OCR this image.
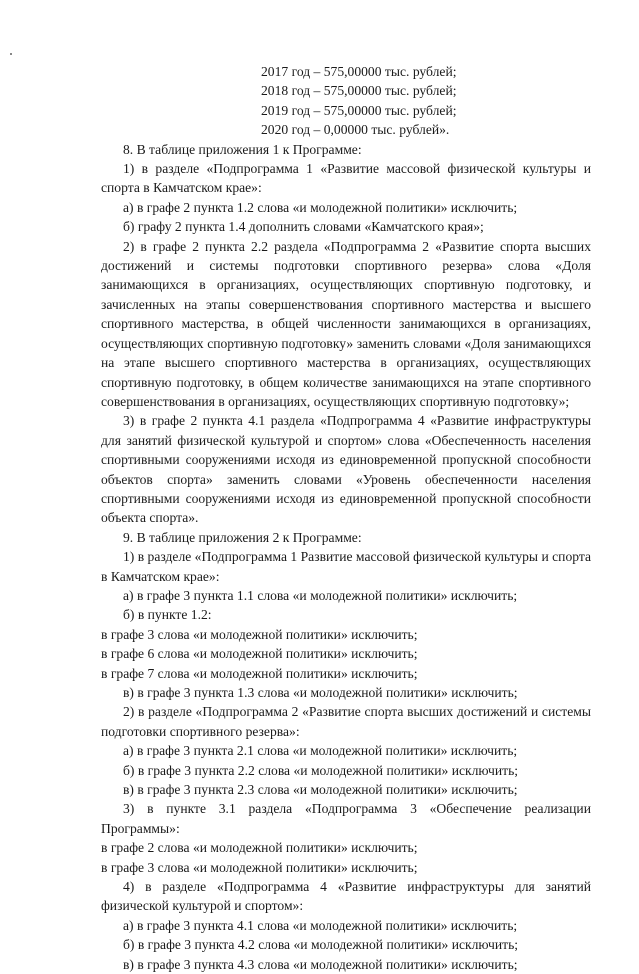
2017 год – 575,00000 тыс. рублей;

2018 год – 575,00000 тыс. рублей;

2019 год – 575,00000 тыс. рублей;

2020 год – 0,00000 тыс. рублей».

8. В таблице приложения 1 к Программе:

1) в разделе «Подпрограмма 1 «Развитие массовой физической культуры и спорта в Камчатском крае»:

а) в графе 2 пункта 1.2 слова «и молодежной политики» исключить;

б) графу 2 пункта 1.4 дополнить словами «Камчатского края»;

2) в графе 2 пункта 2.2 раздела «Подпрограмма 2 «Развитие спорта высших достижений и системы подготовки спортивного резерва» слова «Доля занимающихся в организациях, осуществляющих спортивную подготовку, и зачисленных на этапы совершенствования спортивного мастерства и высшего спортивного мастерства, в общей численности занимающихся в организациях, осуществляющих спортивную подготовку» заменить словами «Доля занимающихся на этапе высшего спортивного мастерства в организациях, осуществляющих спортивную подготовку, в общем количестве занимающихся на этапе спортивного совершенствования в организациях, осуществляющих спортивную подготовку»;

3) в графе 2 пункта 4.1 раздела «Подпрограмма 4 «Развитие инфраструктуры для занятий физической культурой и спортом» слова «Обеспеченность населения спортивными сооружениями исходя из единовременной пропускной способности объектов спорта» заменить словами «Уровень обеспеченности населения спортивными сооружениями исходя из единовременной пропускной способности объекта спорта».

9. В таблице приложения 2 к Программе:

1) в разделе «Подпрограмма 1 Развитие массовой физической культуры и спорта в Камчатском крае»:

а) в графе 3 пункта 1.1 слова «и молодежной политики» исключить;

б) в пункте 1.2:

в графе 3 слова «и молодежной политики» исключить;

в графе 6 слова «и молодежной политики» исключить;

в графе 7 слова «и молодежной политики» исключить;

в) в графе 3 пункта 1.3 слова «и молодежной политики» исключить;

2) в разделе «Подпрограмма 2 «Развитие спорта высших достижений и системы подготовки спортивного резерва»:

а) в графе 3 пункта 2.1 слова «и молодежной политики» исключить;

б) в графе 3 пункта 2.2 слова «и молодежной политики» исключить;

в) в графе 3 пункта 2.3 слова «и молодежной политики» исключить;

3) в пункте 3.1 раздела «Подпрограмма 3 «Обеспечение реализации Программы»:

в графе 2 слова «и молодежной политики» исключить;

в графе 3 слова «и молодежной политики» исключить;

4) в разделе «Подпрограмма 4 «Развитие инфраструктуры для занятий физической культурой и спортом»:

а) в графе 3 пункта 4.1 слова «и молодежной политики» исключить;

б) в графе 3 пункта 4.2 слова «и молодежной политики» исключить;

в) в графе 3 пункта 4.3 слова «и молодежной политики» исключить;
